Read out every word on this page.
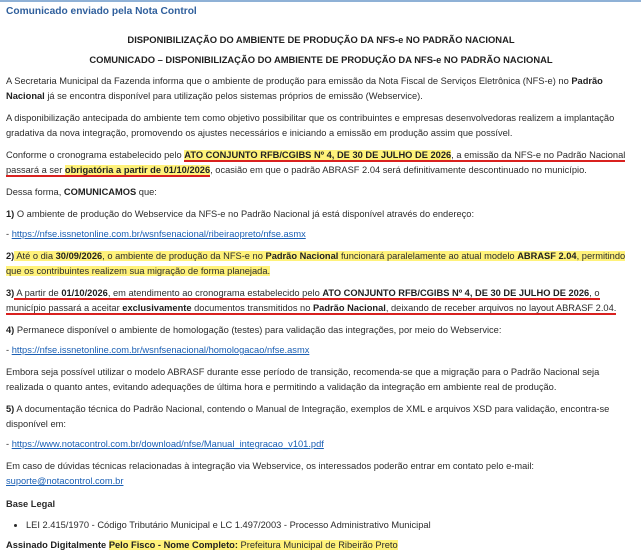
Comunicado enviado pela Nota Control
DISPONIBILIZAÇÃO DO AMBIENTE DE PRODUÇÃO DA NFS-e NO PADRÃO NACIONAL
COMUNICADO – DISPONIBILIZAÇÃO DO AMBIENTE DE PRODUÇÃO DA NFS-e NO PADRÃO NACIONAL

A Secretaria Municipal da Fazenda informa que o ambiente de produção para emissão da Nota Fiscal de Serviços Eletrônica (NFS-e) no Padrão Nacional já se encontra disponível para utilização pelos sistemas próprios de emissão (Webservice).

A disponibilização antecipada do ambiente tem como objetivo possibilitar que os contribuintes e empresas desenvolvedoras realizem a implantação gradativa da nova integração, promovendo os ajustes necessários e iniciando a emissão em produção assim que possível.

Conforme o cronograma estabelecido pelo ATO CONJUNTO RFB/CGIBS Nº 4, DE 30 DE JULHO DE 2026, a emissão da NFS-e no Padrão Nacional passará a ser obrigatória a partir de 01/10/2026, ocasião em que o padrão ABRASF 2.04 será definitivamente descontinuado no município.

Dessa forma, COMUNICAMOS que:

1) O ambiente de produção do Webservice da NFS-e no Padrão Nacional já está disponível através do endereço:

- https://nfse.issnetonline.com.br/wsnfsenacional/ribeiraopreto/nfse.asmx

2) Até o dia 30/09/2026, o ambiente de produção da NFS-e no Padrão Nacional funcionará paralelamente ao atual modelo ABRASF 2.04, permitindo que os contribuintes realizem sua migração de forma planejada.

3) A partir de 01/10/2026, em atendimento ao cronograma estabelecido pelo ATO CONJUNTO RFB/CGIBS Nº 4, DE 30 DE JULHO DE 2026, o município passará a aceitar exclusivamente documentos transmitidos no Padrão Nacional, deixando de receber arquivos no layout ABRASF 2.04.

4) Permanece disponível o ambiente de homologação (testes) para validação das integrações, por meio do Webservice:

- https://nfse.issnetonline.com.br/wsnfsenacional/homologacao/nfse.asmx

Embora seja possível utilizar o modelo ABRASF durante esse período de transição, recomenda-se que a migração para o Padrão Nacional seja realizada o quanto antes, evitando adequações de última hora e permitindo a validação da integração em ambiente real de produção.

5) A documentação técnica do Padrão Nacional, contendo o Manual de Integração, exemplos de XML e arquivos XSD para validação, encontra-se disponível em:

- https://www.notacontrol.com.br/download/nfse/Manual_integracao_v101.pdf

Em caso de dúvidas técnicas relacionadas à integração via Webservice, os interessados poderão entrar em contato pelo e-mail:
suporte@notacontrol.com.br

Base Legal

• LEI 2.415/1970 - Código Tributário Municipal e LC 1.497/2003 - Processo Administrativo Municipal

Assinado Digitalmente Pelo Fisco - Nome Completo: Prefeitura Municipal de Ribeirão Preto
